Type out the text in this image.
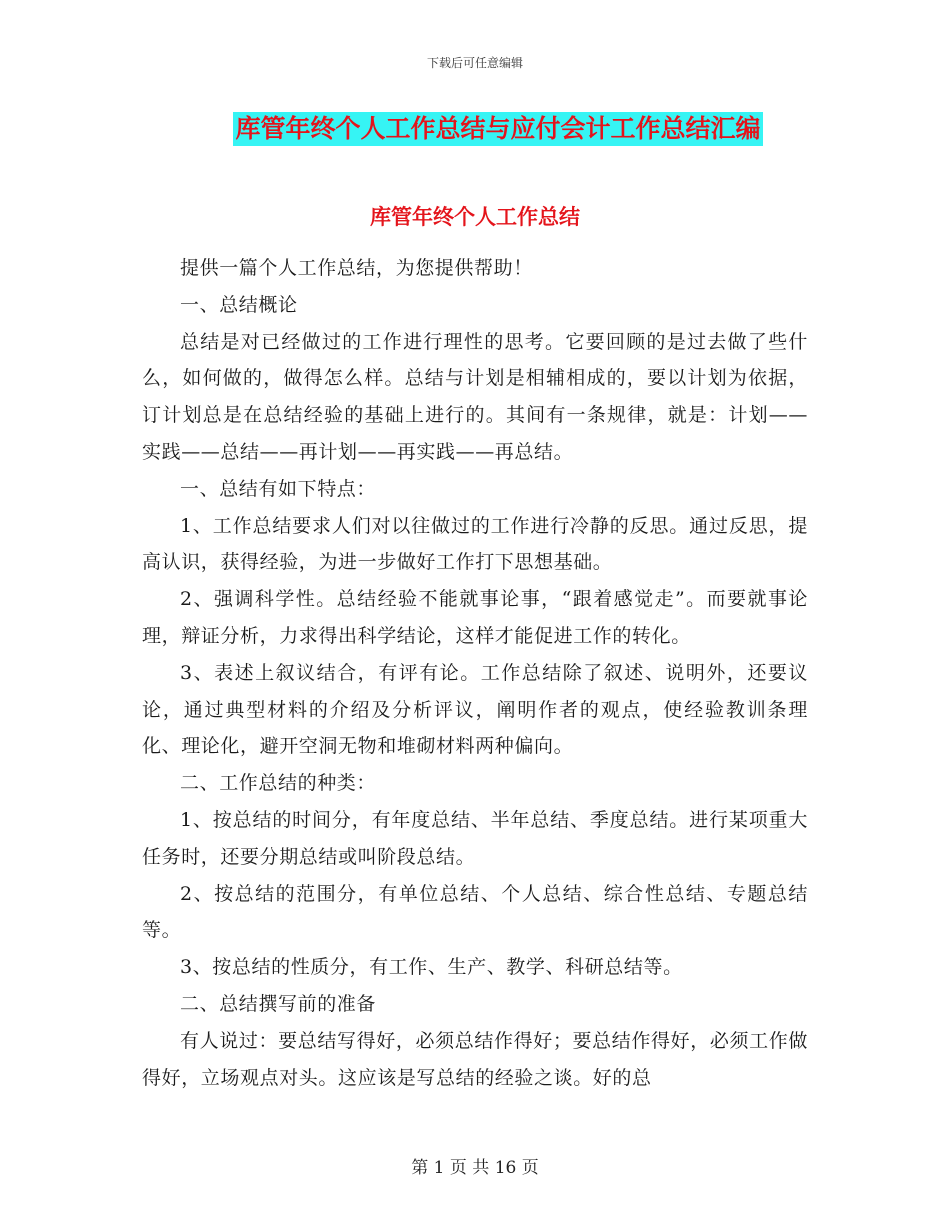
下载后可任意编辑
库管年终个人工作总结与应付会计工作总结汇编
库管年终个人工作总结

提供一篇个人工作总结，为您提供帮助！

一、总结概论

总结是对已经做过的工作进行理性的思考。它要回顾的是过去做了些什么，如何做的，做得怎么样。总结与计划是相辅相成的，要以计划为依据，订计划总是在总结经验的基础上进行的。其间有一条规律，就是：计划——实践——总结——再计划——再实践——再总结。

一、总结有如下特点：

1、工作总结要求人们对以往做过的工作进行冷静的反思。通过反思，提高认识，获得经验，为进一步做好工作打下思想基础。

2、强调科学性。总结经验不能就事论事，“跟着感觉走”。而要就事论理，辩证分析，力求得出科学结论，这样才能促进工作的转化。

3、表述上叙议结合，有评有论。工作总结除了叙述、说明外，还要议论，通过典型材料的介绍及分析评议，阐明作者的观点，使经验教训条理化、理论化，避开空洞无物和堆砌材料两种偏向。

二、工作总结的种类：

1、按总结的时间分，有年度总结、半年总结、季度总结。进行某项重大任务时，还要分期总结或叫阶段总结。

2、按总结的范围分，有单位总结、个人总结、综合性总结、专题总结等。

3、按总结的性质分，有工作、生产、教学、科研总结等。

二、总结撰写前的准备

有人说过：要总结写得好，必须总结作得好；要总结作得好，必须工作做得好，立场观点对头。这应该是写总结的经验之谈。好的总

第 1 页 共 16 页
